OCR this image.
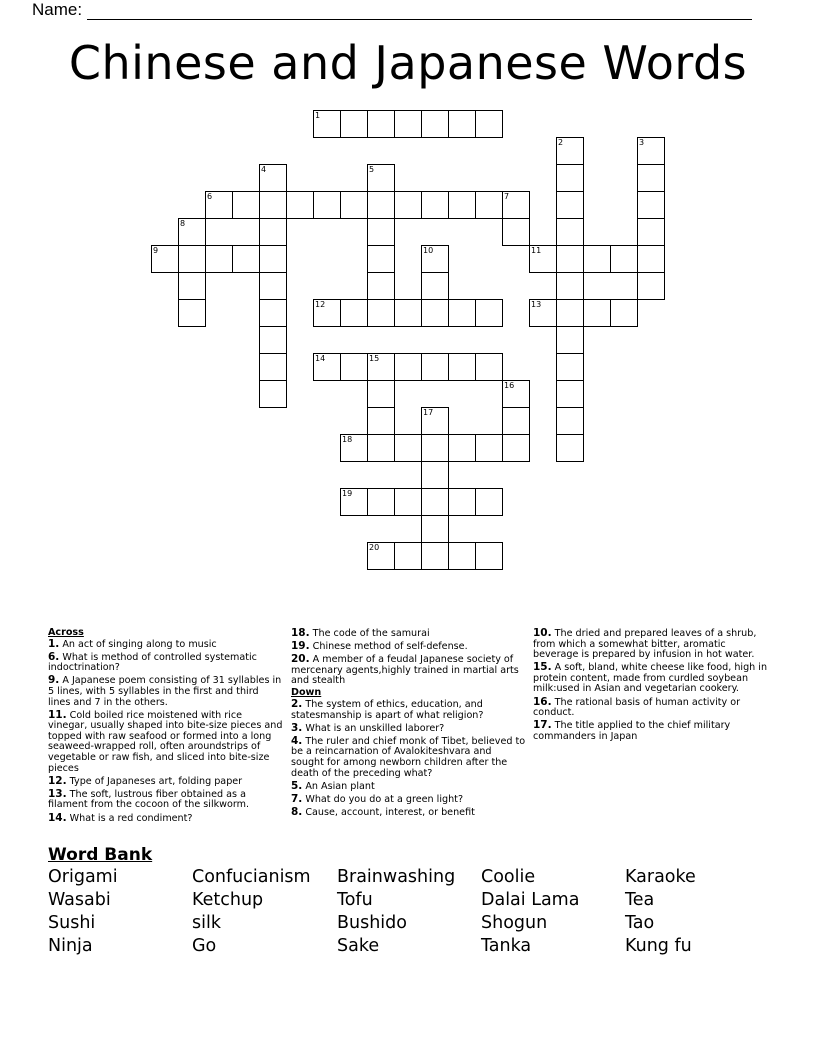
Name:
Chinese and Japanese Words
1
2	3
4	5
6	7
8
9	10	11
12	13
14	15
16
17
18
19
20
Across
1. An act of singing along to music
6. What is method of controlled systematic indoctrination?
9. A Japanese poem consisting of 31 syllables in 5 lines, with 5 syllables in the first and third lines and 7 in the others.
11. Cold boiled rice moistened with rice vinegar, usually shaped into bite-size pieces and topped with raw seafood or formed into a long seaweed-wrapped roll, often aroundstrips of vegetable or raw fish, and sliced into bite-size pieces
12. Type of Japaneses art, folding paper
13. The soft, lustrous fiber obtained as a filament from the cocoon of the silkworm.
14. What is a red condiment?
18. The code of the samurai
19. Chinese method of self-defense.
20. A member of a feudal Japanese society of mercenary agents,highly trained in martial arts and stealth
Down
2. The system of ethics, education, and statesmanship is apart of what religion?
3. What is an unskilled laborer?
4. The ruler and chief monk of Tibet, believed to be a reincarnation of Avalokiteshvara and sought for among newborn children after the death of the preceding what?
5. An Asian plant
7. What do you do at a green light?
8. Cause, account, interest, or benefit
10. The dried and prepared leaves of a shrub, from which a somewhat bitter, aromatic beverage is prepared by infusion in hot water.
15. A soft, bland, white cheese like food, high in protein content, made from curdled soybean milk:used in Asian and vegetarian cookery.
16. The rational basis of human activity or conduct.
17. The title applied to the chief military commanders in Japan
Word Bank
Origami	Confucianism	Brainwashing	Coolie	Karaoke
Wasabi	Ketchup	Tofu	Dalai Lama	Tea
Sushi	silk	Bushido	Shogun	Tao
Ninja	Go	Sake	Tanka	Kung fu
